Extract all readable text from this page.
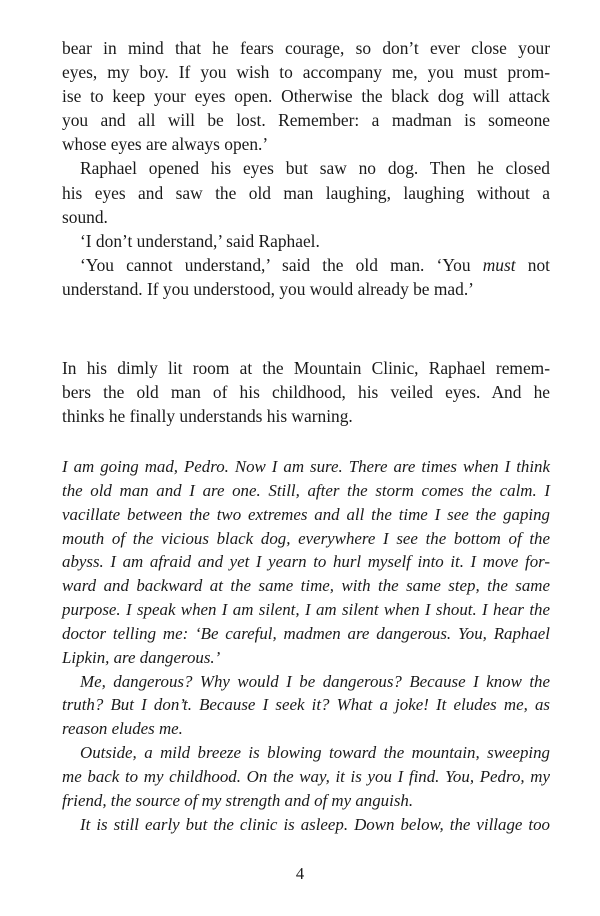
bear in mind that he fears courage, so don’t ever close your
eyes, my boy. If you wish to accompany me, you must prom-
ise to keep your eyes open. Otherwise the black dog will attack
you and all will be lost. Remember: a madman is someone
whose eyes are always open.’
Raphael opened his eyes but saw no dog. Then he closed
his eyes and saw the old man laughing, laughing without a
sound.
‘I don’t understand,’ said Raphael.
‘You cannot understand,’ said the old man. ‘You must not
understand. If you understood, you would already be mad.’
In his dimly lit room at the Mountain Clinic, Raphael remem-
bers the old man of his childhood, his veiled eyes. And he
thinks he finally understands his warning.
I am going mad, Pedro. Now I am sure. There are times when I think
the old man and I are one. Still, after the storm comes the calm. I
vacillate between the two extremes and all the time I see the gaping
mouth of the vicious black dog, everywhere I see the bottom of the
abyss. I am afraid and yet I yearn to hurl myself into it. I move for-
ward and backward at the same time, with the same step, the same
purpose. I speak when I am silent, I am silent when I shout. I hear the
doctor telling me: ‘Be careful, madmen are dangerous. You, Raphael
Lipkin, are dangerous.’
Me, dangerous? Why would I be dangerous? Because I know the
truth? But I don’t. Because I seek it? What a joke! It eludes me, as
reason eludes me.
Outside, a mild breeze is blowing toward the mountain, sweeping
me back to my childhood. On the way, it is you I find. You, Pedro, my
friend, the source of my strength and of my anguish.
It is still early but the clinic is asleep. Down below, the village too
4
